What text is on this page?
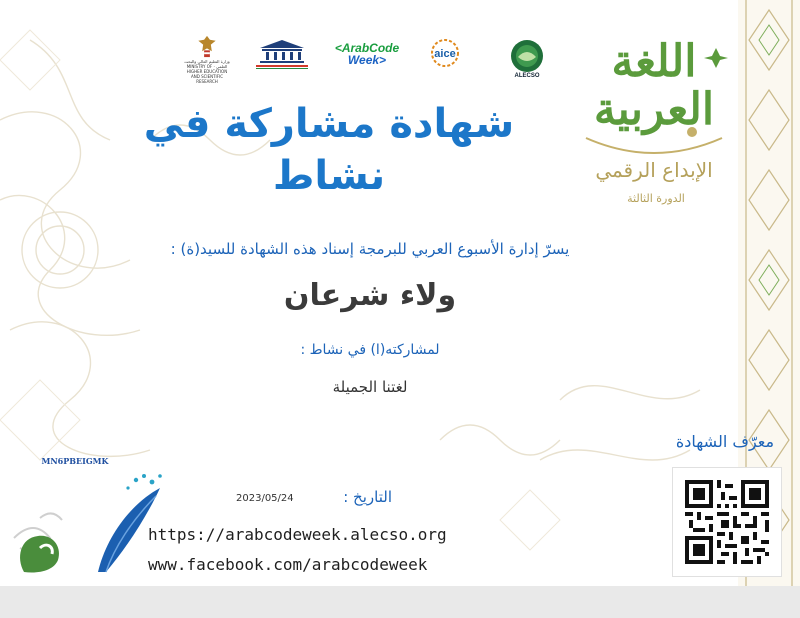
وزارة التعليم العالي والبحث العلمي · MINISTRY OF HIGHER EDUCATION AND SCIENTIFIC RESEARCH
<ArabCode
Week>	aice
ALECSO	اللغة العربية
الإبداع الرقمي
الدورة الثالثة
شهادة مشاركة في نشاط
يسرّ إدارة الأسبوع العربي للبرمجة إسناد هذه الشهادة للسيد(ة) :
ولاء شرعان
لمشاركته(ا) في نشاط :
لغتنا الجميلة
معرّف الشهادة
MN6PBEIGMK
التاريخ :
2023/05/24
https://arabcodeweek.alecso.org
www.facebook.com/arabcodeweek
